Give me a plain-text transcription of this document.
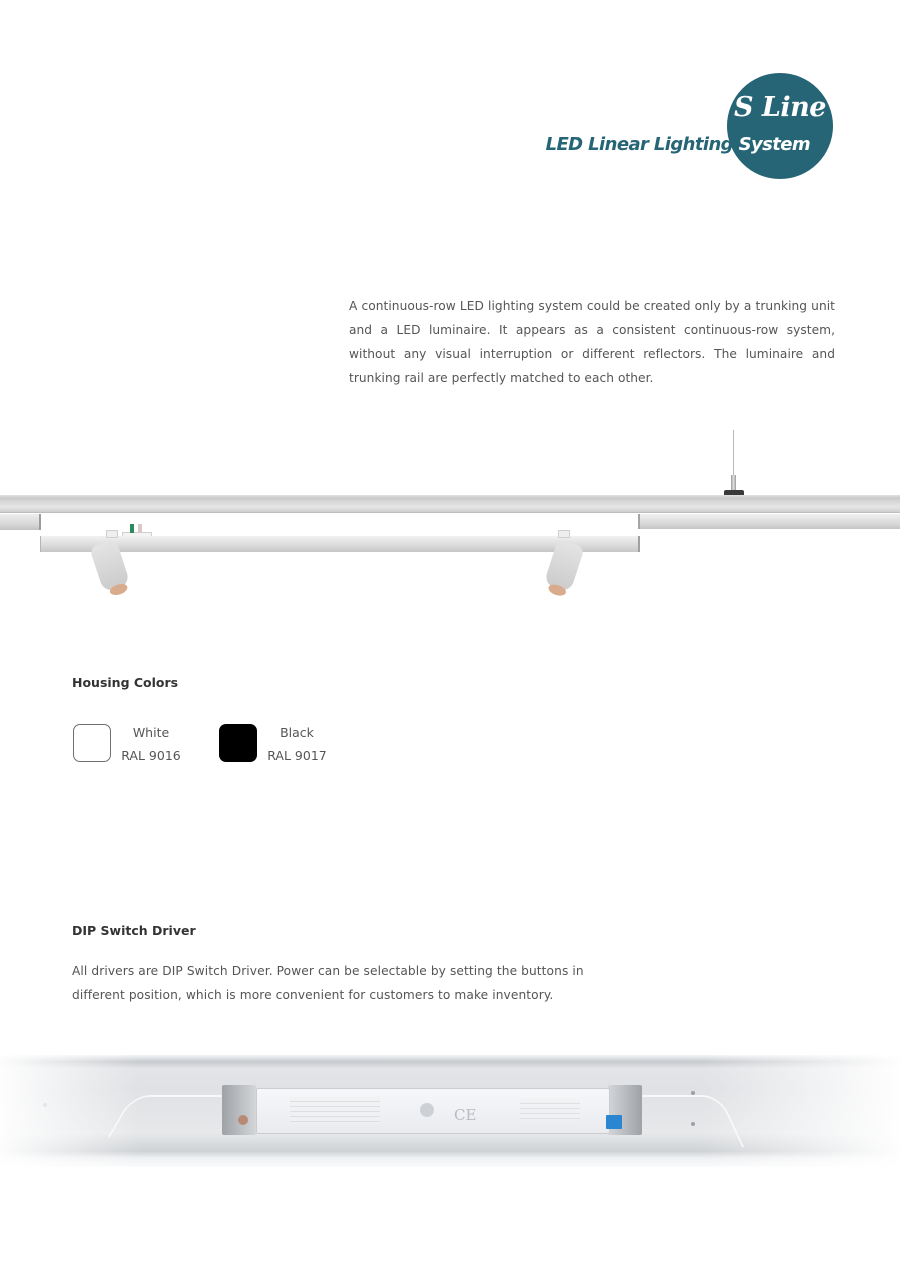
S Line
LED Linear Lighting System
A continuous-row LED lighting system could be created only by a trunking unit and a LED luminaire. It appears as a consistent continuous-row system, without any visual interruption or different reflectors. The luminaire and trunking rail are perfectly matched to each other.
Housing Colors
White
RAL 9016
Black
RAL 9017
DIP Switch Driver
All drivers are DIP Switch Driver. Power can be selectable by setting the buttons in different position, which is more convenient for customers to make inventory.
CE
